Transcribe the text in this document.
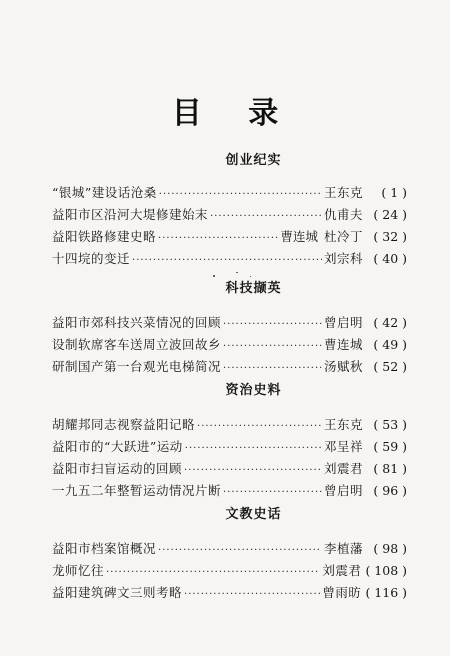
目 录
创业纪实
“银城”建设话沧桑 ·····	王东克	( 1 )
益阳市区沿河大堤修建始末 ·····	仇甫夫 ( 24 )
益阳铁路修建史略 ·····	曹连城 杜冷丁 ( 32 )
十四垸的变迁 ·····	刘宗科 ( 40 )
科技撷英
益阳市郊科技兴菜情况的回顾 ·····	曾启明 ( 42 )
设制软席客车送周立波回故乡 ·····	曹连城 ( 49 )
研制国产第一台观光电梯简况 ·····	汤赋秋 ( 52 )
资治史料
胡耀邦同志视察益阳记略 ·····	王东克 ( 53 )
益阳市的“大跃进”运动 ·····	邓呈祥 ( 59 )
益阳市扫盲运动的回顾 ·····	刘震君 ( 81 )
一九五二年整暂运动情况片断 ·····	曾启明 ( 96 )
文教史话
益阳市档案馆概况 ·····	李植藩 ( 98 )
龙师忆往 ·····	刘震君 ( 108 )
益阳建筑碑文三则考略 ·····	曾雨昉 ( 116 )
